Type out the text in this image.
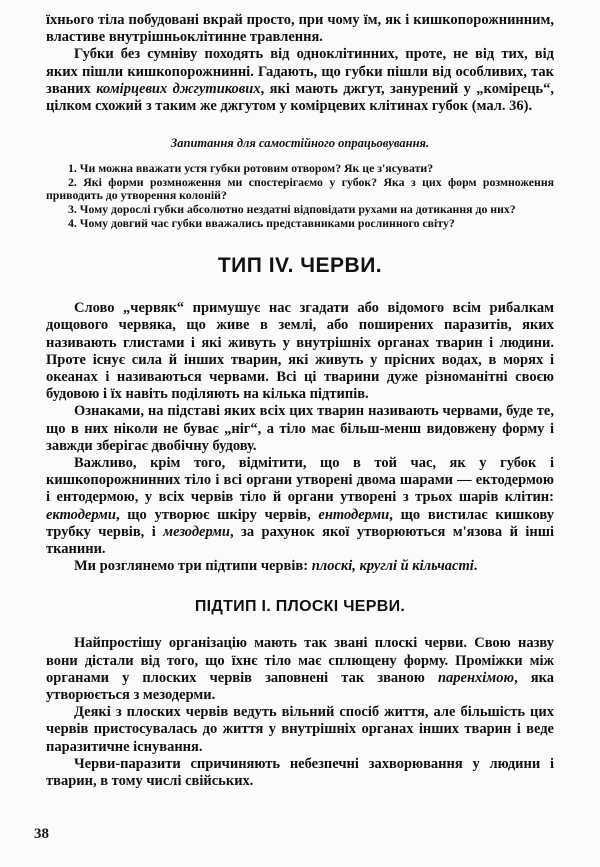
їхнього тіла побудовані вкрай просто, при чому їм, як і кишкопорожнинним, властиве внутрішньоклітинне травлення.

Губки без сумніву походять від одноклітинних, проте, не від тих, від яких пішли кишкопорожнинні. Гадають, що губки пішли від особливих, так званих комірцевих джгутикових, які мають джгут, занурений у „комірець“, цілком схожий з таким же джгутом у комірцевих клітинах губок (мал. 36).

Запитання для самостійного опрацьовування.

1. Чи можна вважати устя губки ротовим отвором? Як це з'ясувати?

2. Які форми розмноження ми спостерігаємо у губок? Яка з цих форм розмноження приводить до утворення колоній?

3. Чому дорослі губки абсолютно нездатні відповідати рухами на дотикання до них?

4. Чому довгий час губки вважались представниками рослинного світу?

ТИП IV. ЧЕРВИ.

Слово „червяк“ примушує нас згадати або відомого всім рибалкам дощового червяка, що живе в землі, або поширених паразитів, яких називають глистами і які живуть у внутрішніх органах тварин і людини. Проте існує сила й інших тварин, які живуть у прісних водах, в морях і океанах і називаються червами. Всі ці тварини дуже різноманітні своєю будовою і їх навіть поділяють на кілька підтипів.

Ознаками, на підставі яких всіх цих тварин називають червами, буде те, що в них ніколи не буває „ніг“, а тіло має більш-менш видовжену форму і завжди зберігає двобічну будову.

Важливо, крім того, відмітити, що в той час, як у губок і кишкопорожнинних тіло і всі органи утворені двома шарами — ектодермою і ентодермою, у всіх червів тіло й органи утворені з трьох шарів клітин: ектодерми, що утворює шкіру червів, ентодерми, що вистилає кишкову трубку червів, і мезодерми, за рахунок якої утворюються м'язова й інші тканини.

Ми розглянемо три підтипи червів: плоскі, круглі й кільчасті.

ПІДТИП І. ПЛОСКІ ЧЕРВИ.

Найпростішу організацію мають так звані плоскі черви. Свою назву вони дістали від того, що їхнє тіло має сплющену форму. Проміжки між органами у плоских червів заповнені так званою паренхімою, яка утворюється з мезодерми.

Деякі з плоских червів ведуть вільний спосіб життя, але більшість цих червів пристосувалась до життя у внутрішніх органах інших тварин і веде паразитичне існування.

Черви-паразити спричиняють небезпечні захворювання у людини і тварин, в тому числі свійських.

38
